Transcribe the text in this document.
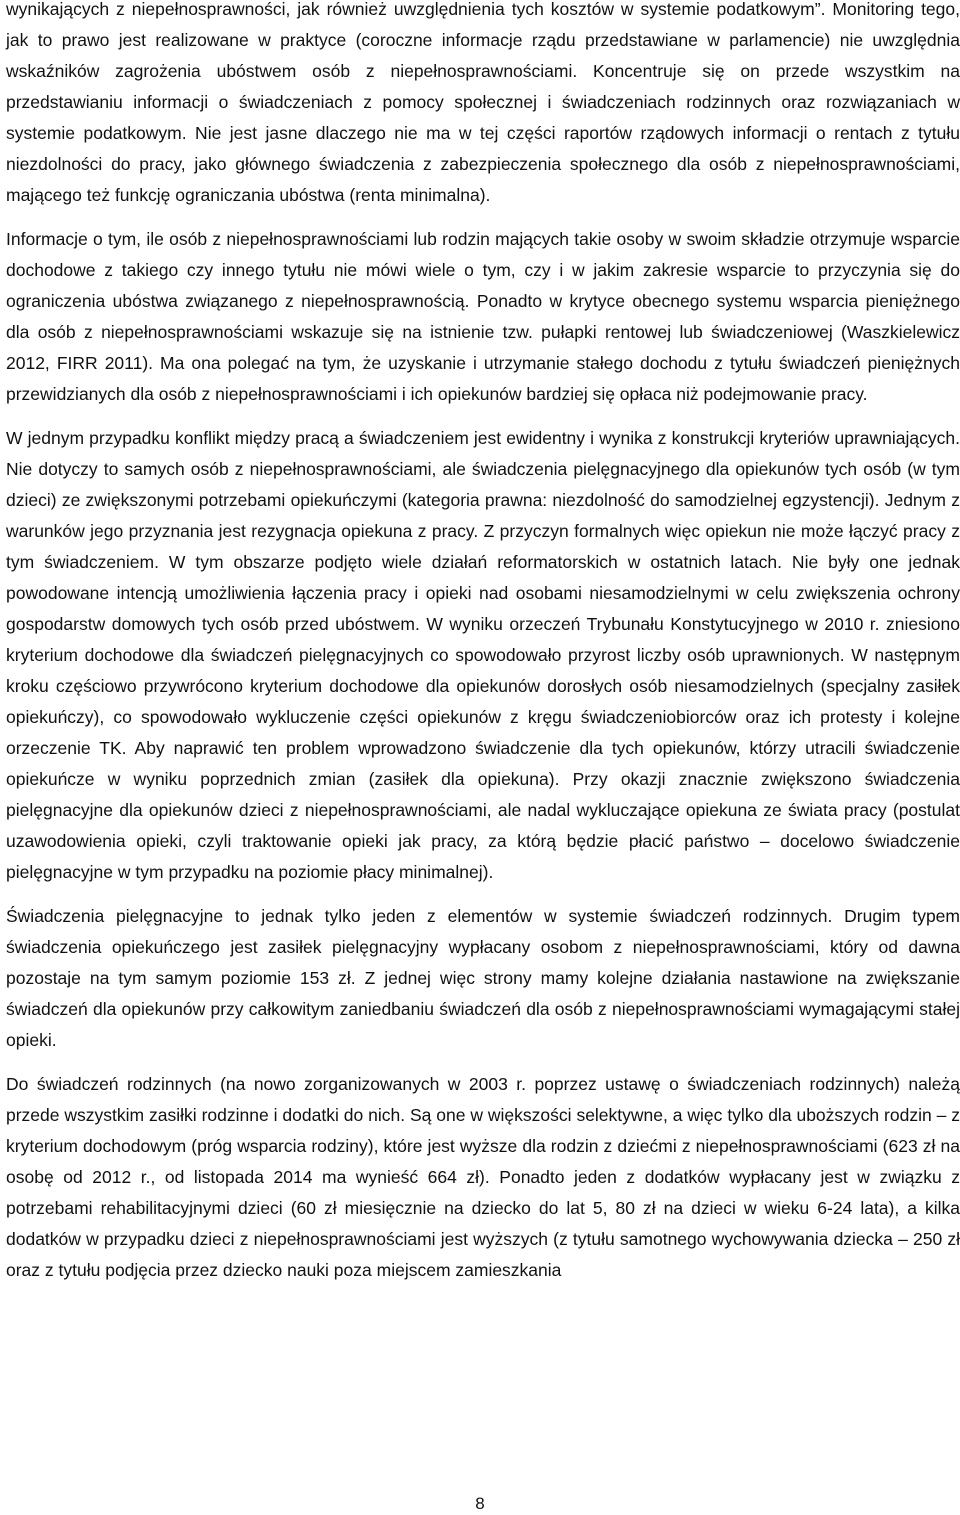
wynikających z niepełnosprawności, jak również uwzględnienia tych kosztów w systemie podatkowym”. Monitoring tego, jak to prawo jest realizowane w praktyce (coroczne informacje rządu przedstawiane w parlamencie) nie uwzględnia wskaźników zagrożenia ubóstwem osób z niepełnosprawnościami. Koncentruje się on przede wszystkim na przedstawianiu informacji o świadczeniach z pomocy społecznej i świadczeniach rodzinnych oraz rozwiązaniach w systemie podatkowym. Nie jest jasne dlaczego nie ma w tej części raportów rządowych informacji o rentach z tytułu niezdolności do pracy, jako głównego świadczenia z zabezpieczenia społecznego dla osób z niepełnosprawnościami, mającego też funkcję ograniczania ubóstwa (renta minimalna).

Informacje o tym, ile osób z niepełnosprawnościami lub rodzin mających takie osoby w swoim składzie otrzymuje wsparcie dochodowe z takiego czy innego tytułu nie mówi wiele o tym, czy i w jakim zakresie wsparcie to przyczynia się do ograniczenia ubóstwa związanego z niepełnosprawnością. Ponadto w krytyce obecnego systemu wsparcia pieniężnego dla osób z niepełnosprawnościami wskazuje się na istnienie tzw. pułapki rentowej lub świadczeniowej (Waszkielewicz 2012, FIRR 2011). Ma ona polegać na tym, że uzyskanie i utrzymanie stałego dochodu z tytułu świadczeń pieniężnych przewidzianych dla osób z niepełnosprawnościami i ich opiekunów bardziej się opłaca niż podejmowanie pracy.

W jednym przypadku konflikt między pracą a świadczeniem jest ewidentny i wynika z konstrukcji kryteriów uprawniających. Nie dotyczy to samych osób z niepełnosprawnościami, ale świadczenia pielęgnacyjnego dla opiekunów tych osób (w tym dzieci) ze zwiększonymi potrzebami opiekuńczymi (kategoria prawna: niezdolność do samodzielnej egzystencji). Jednym z warunków jego przyznania jest rezygnacja opiekuna z pracy. Z przyczyn formalnych więc opiekun nie może łączyć pracy z tym świadczeniem. W tym obszarze podjęto wiele działań reformatorskich w ostatnich latach. Nie były one jednak powodowane intencją umożliwienia łączenia pracy i opieki nad osobami niesamodzielnymi w celu zwiększenia ochrony gospodarstw domowych tych osób przed ubóstwem. W wyniku orzeczeń Trybunału Konstytucyjnego w 2010 r. zniesiono kryterium dochodowe dla świadczeń pielęgnacyjnych co spowodowało przyrost liczby osób uprawnionych. W następnym kroku częściowo przywrócono kryterium dochodowe dla opiekunów dorosłych osób niesamodzielnych (specjalny zasiłek opiekuńczy), co spowodowało wykluczenie części opiekunów z kręgu świadczeniobiorców oraz ich protesty i kolejne orzeczenie TK. Aby naprawić ten problem wprowadzono świadczenie dla tych opiekunów, którzy utracili świadczenie opiekuńcze w wyniku poprzednich zmian (zasiłek dla opiekuna). Przy okazji znacznie zwiększono świadczenia pielęgnacyjne dla opiekunów dzieci z niepełnosprawnościami, ale nadal wykluczające opiekuna ze świata pracy (postulat uzawodowienia opieki, czyli traktowanie opieki jak pracy, za którą będzie płacić państwo – docelowo świadczenie pielęgnacyjne w tym przypadku na poziomie płacy minimalnej).

Świadczenia pielęgnacyjne to jednak tylko jeden z elementów w systemie świadczeń rodzinnych. Drugim typem świadczenia opiekuńczego jest zasiłek pielęgnacyjny wypłacany osobom z niepełnosprawnościami, który od dawna pozostaje na tym samym poziomie 153 zł. Z jednej więc strony mamy kolejne działania nastawione na zwiększanie świadczeń dla opiekunów przy całkowitym zaniedbaniu świadczeń dla osób z niepełnosprawnościami wymagającymi stałej opieki.

Do świadczeń rodzinnych (na nowo zorganizowanych w 2003 r. poprzez ustawę o świadczeniach rodzinnych) należą przede wszystkim zasiłki rodzinne i dodatki do nich. Są one w większości selektywne, a więc tylko dla uboższych rodzin – z kryterium dochodowym (próg wsparcia rodziny), które jest wyższe dla rodzin z dziećmi z niepełnosprawnościami (623 zł na osobę od 2012 r., od listopada 2014 ma wynieść 664 zł). Ponadto jeden z dodatków wypłacany jest w związku z potrzebami rehabilitacyjnymi dzieci (60 zł miesięcznie na dziecko do lat 5, 80 zł na dzieci w wieku 6-24 lata), a kilka dodatków w przypadku dzieci z niepełnosprawnościami jest wyższych (z tytułu samotnego wychowywania dziecka – 250 zł oraz z tytułu podjęcia przez dziecko nauki poza miejscem zamieszkania

8
